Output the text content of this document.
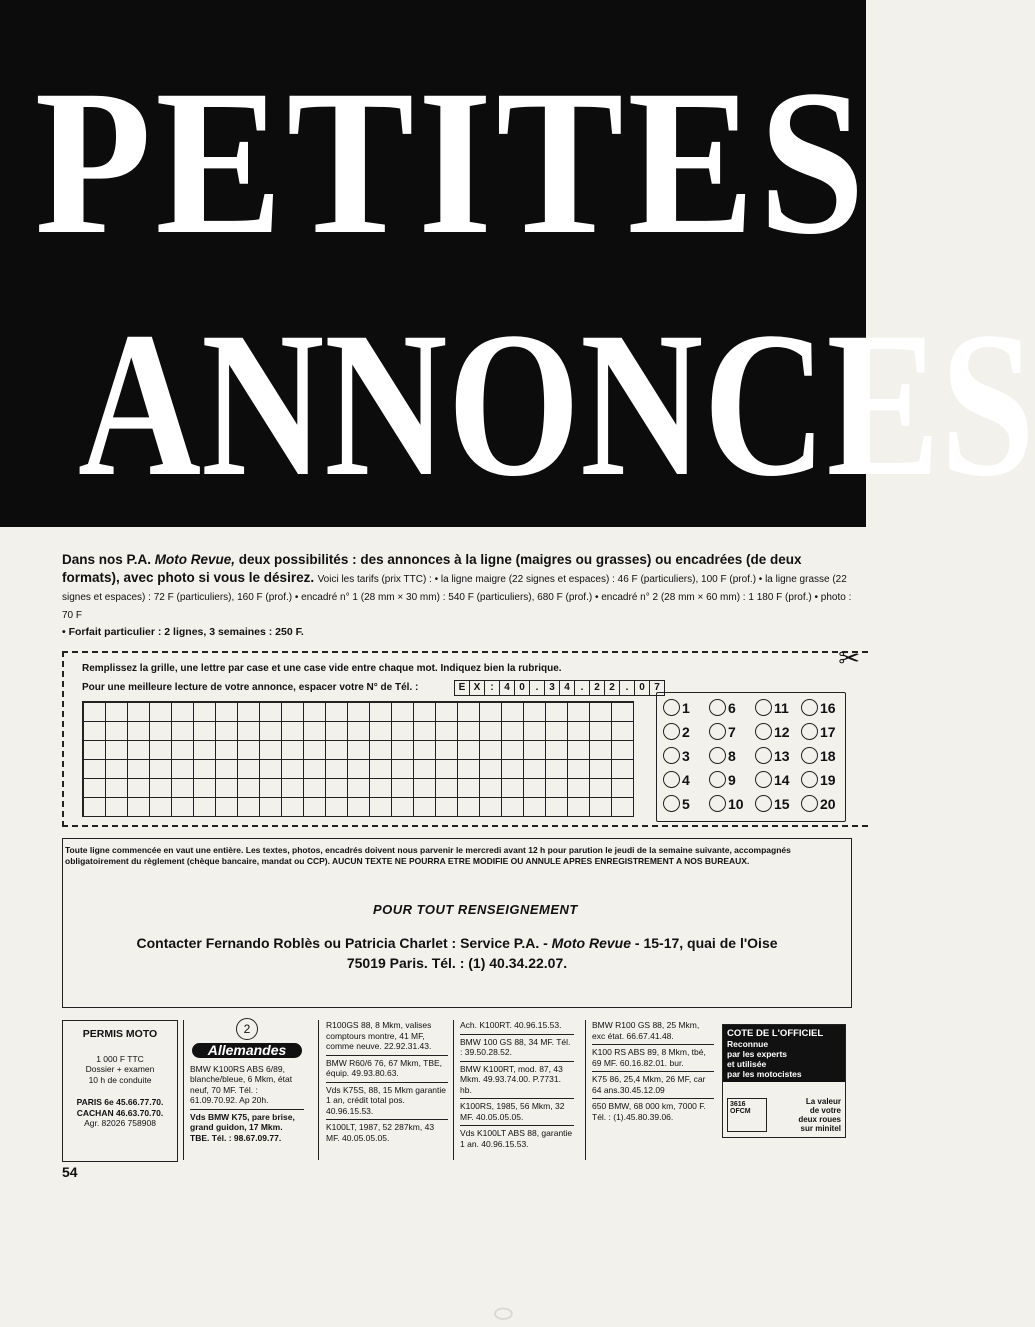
PETITES
ANNONCES
Dans nos P.A. Moto Revue, deux possibilités : des annonces à la ligne (maigres ou grasses) ou encadrées (de deux formats), avec photo si vous le désirez. Voici les tarifs (prix TTC) : • la ligne maigre (22 signes et espaces) : 46 F (particuliers), 100 F (prof.) • la ligne grasse (22 signes et espaces) : 72 F (particuliers), 160 F (prof.) • encadré n° 1 (28 mm × 30 mm) : 540 F (particuliers), 680 F (prof.) • encadré n° 2 (28 mm × 60 mm) : 1 180 F (prof.) • photo : 70 F
• Forfait particulier : 2 lignes, 3 semaines : 250 F.
⬭
Remplissez la grille, une lettre par case et une case vide entre chaque mot. Indiquez bien la rubrique.
Pour une meilleure lecture de votre annonce, espacer votre N° de Tél. :	E X	:	4 0	.	3 4	.	2 2	.	0 7
✂
1	6	11 16
2	7	12 17
3	8	13 18
4	9	14 19
5	10 15 20
Toute ligne commencée en vaut une entière. Les textes, photos, encadrés doivent nous parvenir le mercredi avant 12 h pour parution le jeudi de la semaine suivante, accompagnés obligatoirement du règlement (chèque bancaire, mandat ou CCP). AUCUN TEXTE NE POURRA ETRE MODIFIE OU ANNULE APRES ENREGISTREMENT A NOS BUREAUX.
POUR TOUT RENSEIGNEMENT
Contacter Fernando Roblès ou Patricia Charlet : Service P.A. - Moto Revue - 15-17, quai de l'Oise
75019 Paris. Tél. : (1) 40.34.22.07.
PERMIS MOTO
1 000 F TTC
Dossier + examen
10 h de conduite
PARIS 6e 45.66.77.70.
CACHAN 46.63.70.70.
Agr. 82026 758908
2
Allemandes
BMW K100RS ABS 6/89, blanche/bleue, 6 Mkm, état neuf, 70 MF. Tél. : 61.09.70.92. Ap 20h.
Vds BMW K75, pare brise, grand guidon, 17 Mkm. TBE. Tél. : 98.67.09.77.
R100GS 88, 8 Mkm, valises comptours montre, 41 MF, comme neuve. 22.92.31.43.
BMW R60/6 76, 67 Mkm, TBE, équip. 49.93.80.63.
Vds K75S, 88, 15 Mkm garantie 1 an, crédit total pos. 40.96.15.53.
K100LT, 1987, 52 287km, 43 MF. 40.05.05.05.
Ach. K100RT. 40.96.15.53.
BMW 100 GS 88, 34 MF. Tél. : 39.50.28.52.
BMW K100RT, mod. 87, 43 Mkm. 49.93.74.00. P.7731. hb.
K100RS, 1985, 56 Mkm, 32 MF. 40.05.05.05.
Vds K100LT ABS 88, garantie 1 an. 40.96.15.53.
BMW R100 GS 88, 25 Mkm, exc état. 66.67.41.48.
K100 RS ABS 89, 8 Mkm, tbé, 69 MF. 60.16.82.01. bur.
K75 86, 25,4 Mkm, 26 MF, car 64 ans.30.45.12.09
650 BMW, 68 000 km, 7000 F. Tél. : (1).45.80.39.06.
COTE DE L'OFFICIEL
Reconnue
par les experts
et utilisée
par les motocistes
3616 OFCM
La valeur
de votre
deux roues
sur minitel
54
